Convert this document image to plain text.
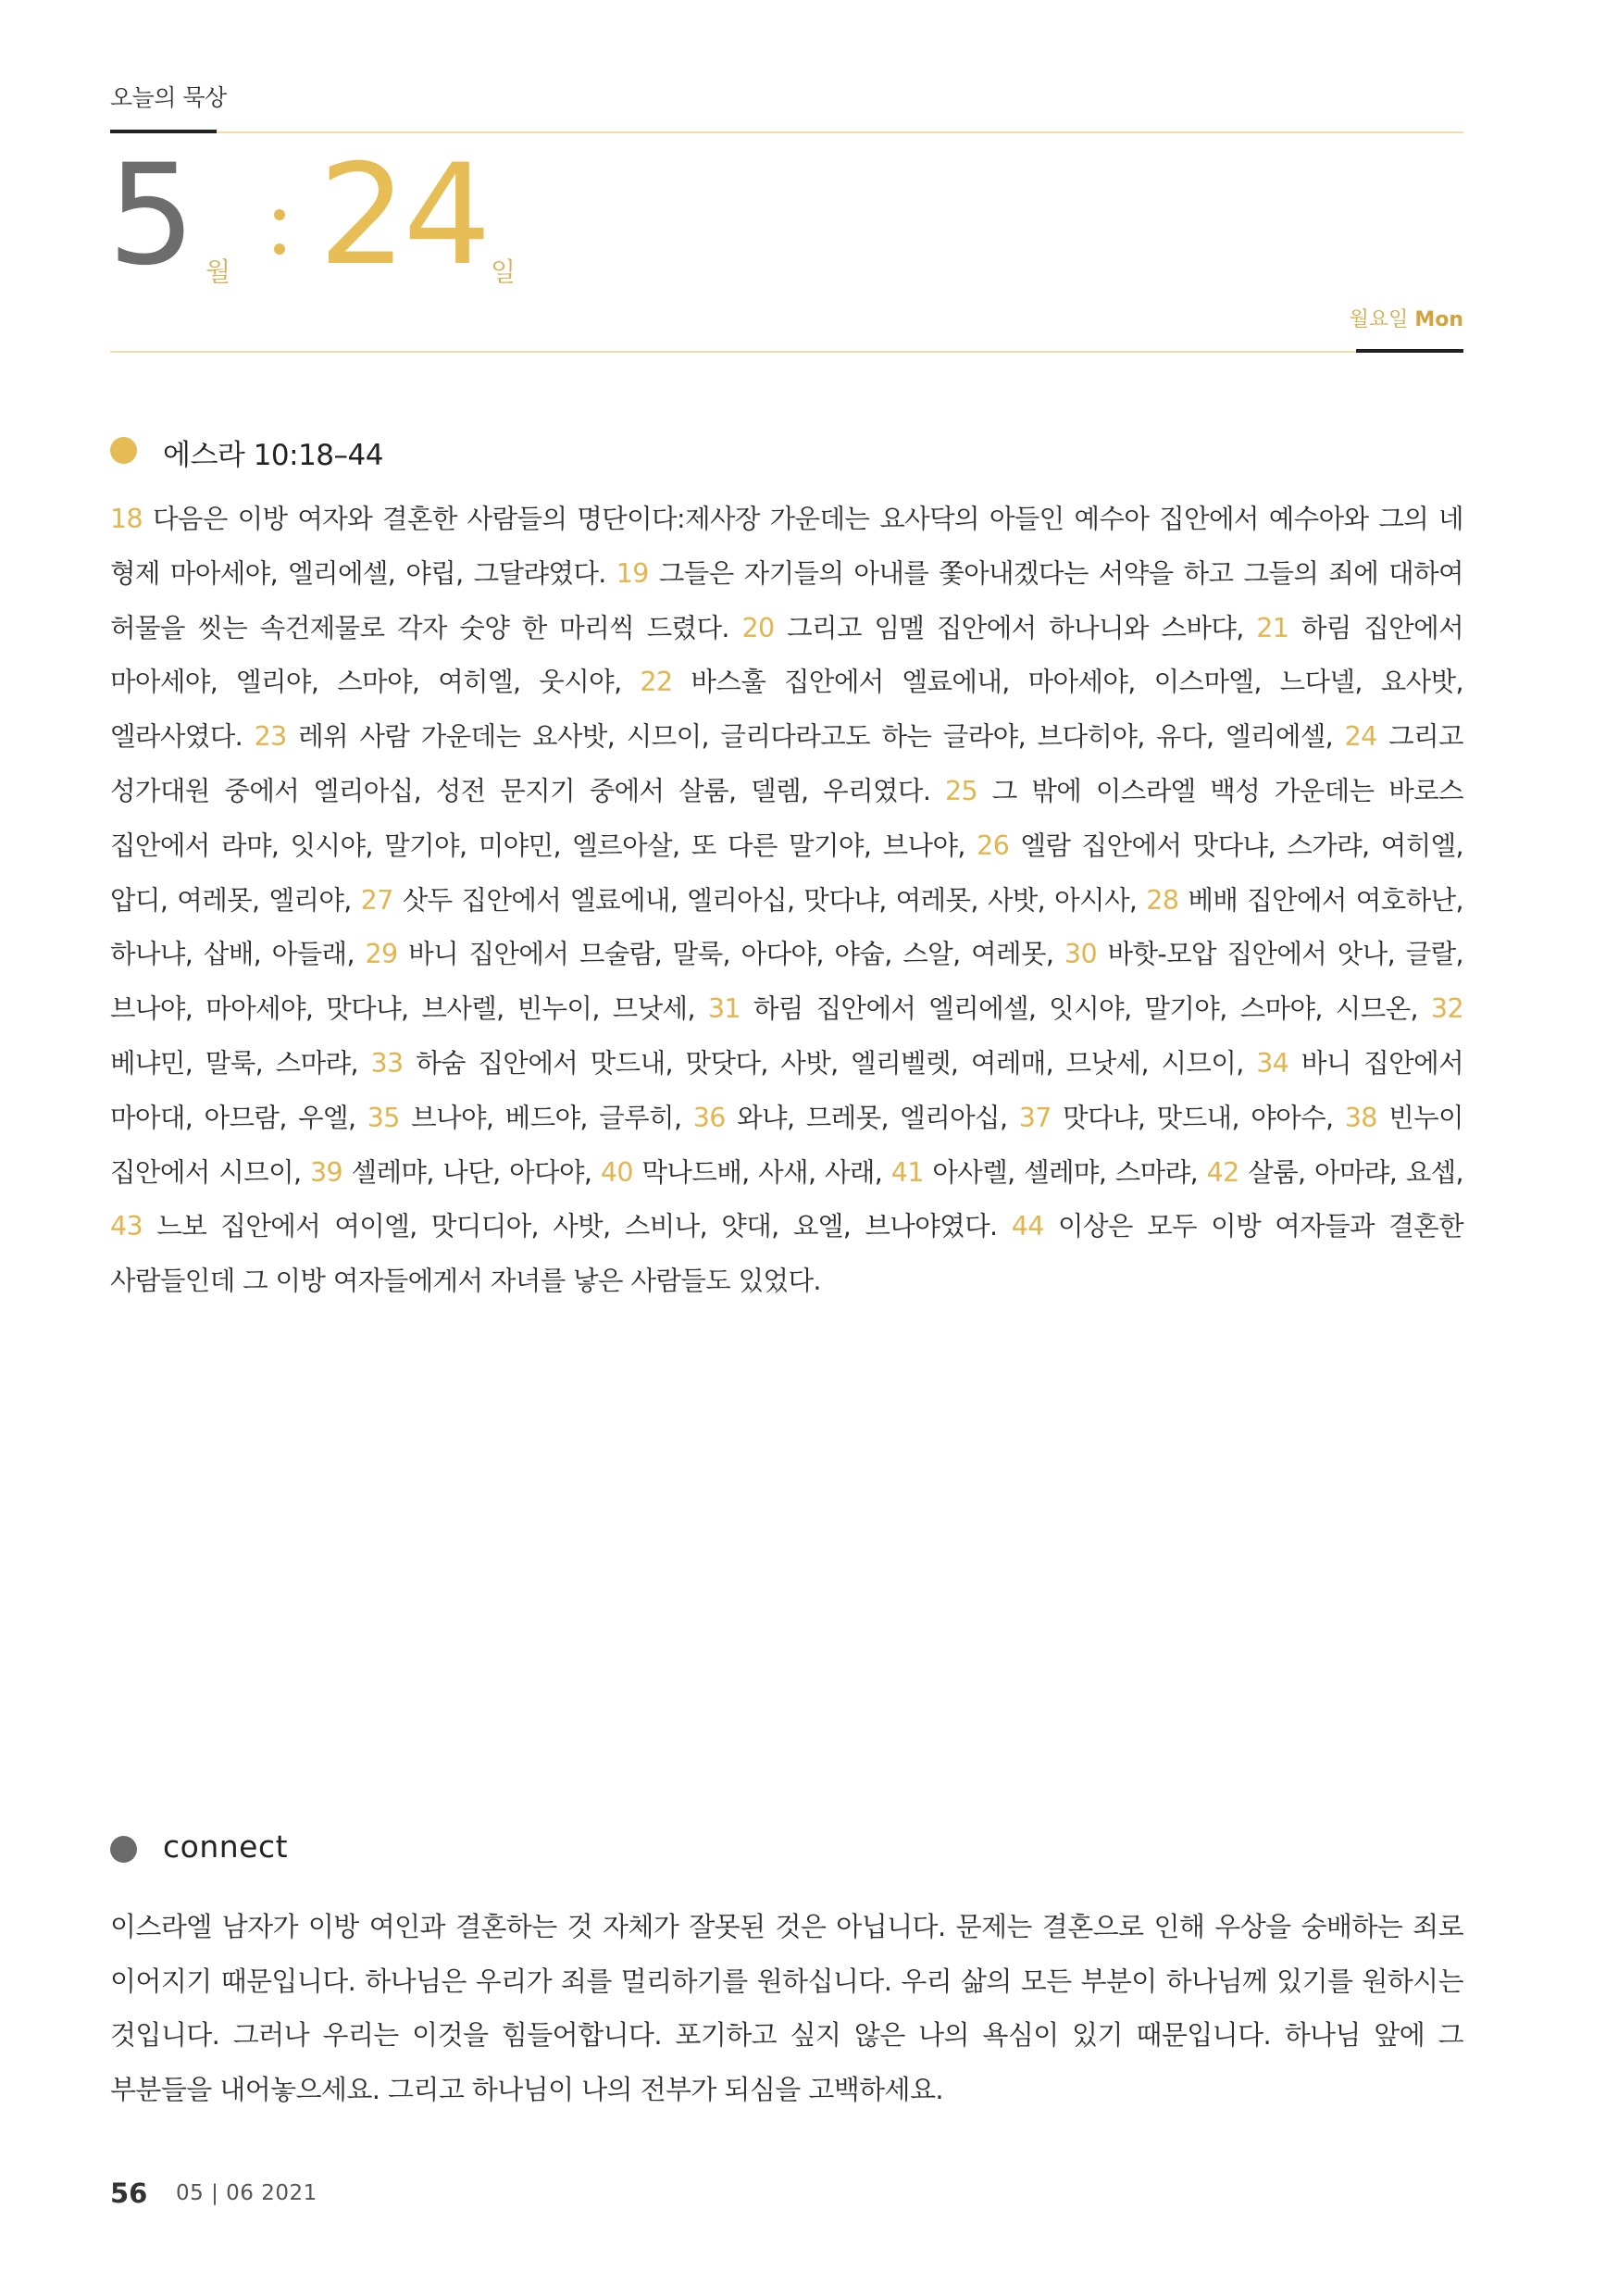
오늘의 묵상
5 월 24 일
월요일 Mon
에스라 10:18–44
18 다음은 이방 여자와 결혼한 사람들의 명단이다:제사장 가운데는 요사닥의 아들인 예수아 집안에서 예수아와 그의 네 형제 마아세야, 엘리에셀, 야립, 그달랴였다. 19 그들은 자기들의 아내를 쫓아내겠다는 서약을 하고 그들의 죄에 대하여 허물을 씻는 속건제물로 각자 숫양 한 마리씩 드렸다. 20 그리고 임멜 집안에서 하나니와 스바댜, 21 하림 집안에서 마아세야, 엘리야, 스마야, 여히엘, 웃시야, 22 바스훌 집안에서 엘료에내, 마아세야, 이스마엘, 느다넬, 요사밧, 엘라사였다. 23 레위 사람 가운데는 요사밧, 시므이, 글리다라고도 하는 글라야, 브다히야, 유다, 엘리에셀, 24 그리고 성가대원 중에서 엘리아십, 성전 문지기 중에서 살룸, 델렘, 우리였다. 25 그 밖에 이스라엘 백성 가운데는 바로스 집안에서 라먀, 잇시야, 말기야, 미야민, 엘르아살, 또 다른 말기야, 브나야, 26 엘람 집안에서 맛다냐, 스가랴, 여히엘, 압디, 여레못, 엘리야, 27 삿두 집안에서 엘료에내, 엘리아십, 맛다냐, 여레못, 사밧, 아시사, 28 베배 집안에서 여호하난, 하나냐, 삽배, 아들래, 29 바니 집안에서 므술람, 말룩, 아다야, 야숩, 스알, 여레못, 30 바핫-모압 집안에서 앗나, 글랄, 브나야, 마아세야, 맛다냐, 브사렐, 빈누이, 므낫세, 31 하림 집안에서 엘리에셀, 잇시야, 말기야, 스마야, 시므온, 32 베냐민, 말룩, 스마랴, 33 하숨 집안에서 맛드내, 맛닷다, 사밧, 엘리벨렛, 여레매, 므낫세, 시므이, 34 바니 집안에서 마아대, 아므람, 우엘, 35 브나야, 베드야, 글루히, 36 와냐, 므레못, 엘리아십, 37 맛다냐, 맛드내, 야아수, 38 빈누이 집안에서 시므이, 39 셀레먀, 나단, 아다야, 40 막나드배, 사새, 사래, 41 아사렐, 셀레먀, 스마랴, 42 살룸, 아마랴, 요셉, 43 느보 집안에서 여이엘, 맛디디아, 사밧, 스비나, 얏대, 요엘, 브나야였다. 44 이상은 모두 이방 여자들과 결혼한 사람들인데 그 이방 여자들에게서 자녀를 낳은 사람들도 있었다.
connect
이스라엘 남자가 이방 여인과 결혼하는 것 자체가 잘못된 것은 아닙니다. 문제는 결혼으로 인해 우상을 숭배하는 죄로 이어지기 때문입니다. 하나님은 우리가 죄를 멀리하기를 원하십니다. 우리 삶의 모든 부분이 하나님께 있기를 원하시는 것입니다. 그러나 우리는 이것을 힘들어합니다. 포기하고 싶지 않은 나의 욕심이 있기 때문입니다. 하나님 앞에 그 부분들을 내어놓으세요. 그리고 하나님이 나의 전부가 되심을 고백하세요.
56 05 | 06 2021
